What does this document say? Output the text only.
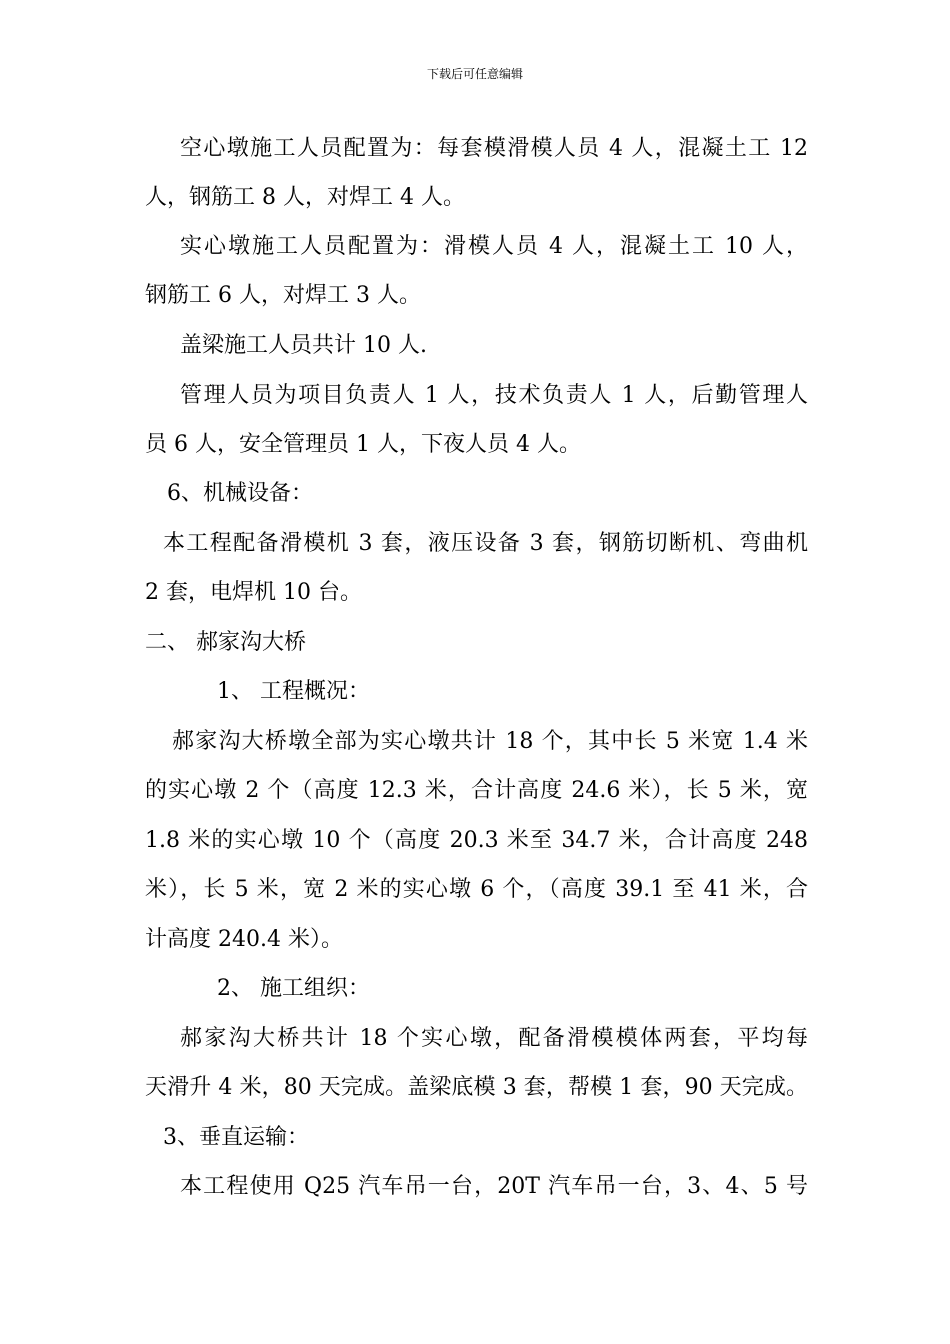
下载后可任意编辑
空心墩施工人员配置为：每套模滑模人员 4 人，混凝土工 12
人，钢筋工 8 人，对焊工 4 人。
实心墩施工人员配置为：滑模人员 4 人，混凝土工 10 人，
钢筋工 6 人，对焊工 3 人。
盖梁施工人员共计 10 人.
管理人员为项目负责人 1 人，技术负责人 1 人，后勤管理人
员 6 人，安全管理员 1 人，下夜人员 4 人。
6、机械设备：
本工程配备滑模机 3 套，液压设备 3 套，钢筋切断机、弯曲机
2 套，电焊机 10 台。
二、 郝家沟大桥
1、 工程概况：
郝家沟大桥墩全部为实心墩共计 18 个，其中长 5 米宽 1.4 米
的实心墩 2 个（高度 12.3 米，合计高度 24.6 米），长 5 米，宽
1.8 米的实心墩 10 个（高度 20.3 米至 34.7 米，合计高度 248
米），长 5 米，宽 2 米的实心墩 6 个，（高度 39.1 至 41 米，合
计高度 240.4 米）。
2、 施工组织：
郝家沟大桥共计 18 个实心墩，配备滑模模体两套，平均每
天滑升 4 米，80 天完成。盖梁底模 3 套，帮模 1 套，90 天完成。
3、垂直运输：
本工程使用 Q25 汽车吊一台，20T 汽车吊一台，3、4、5 号
